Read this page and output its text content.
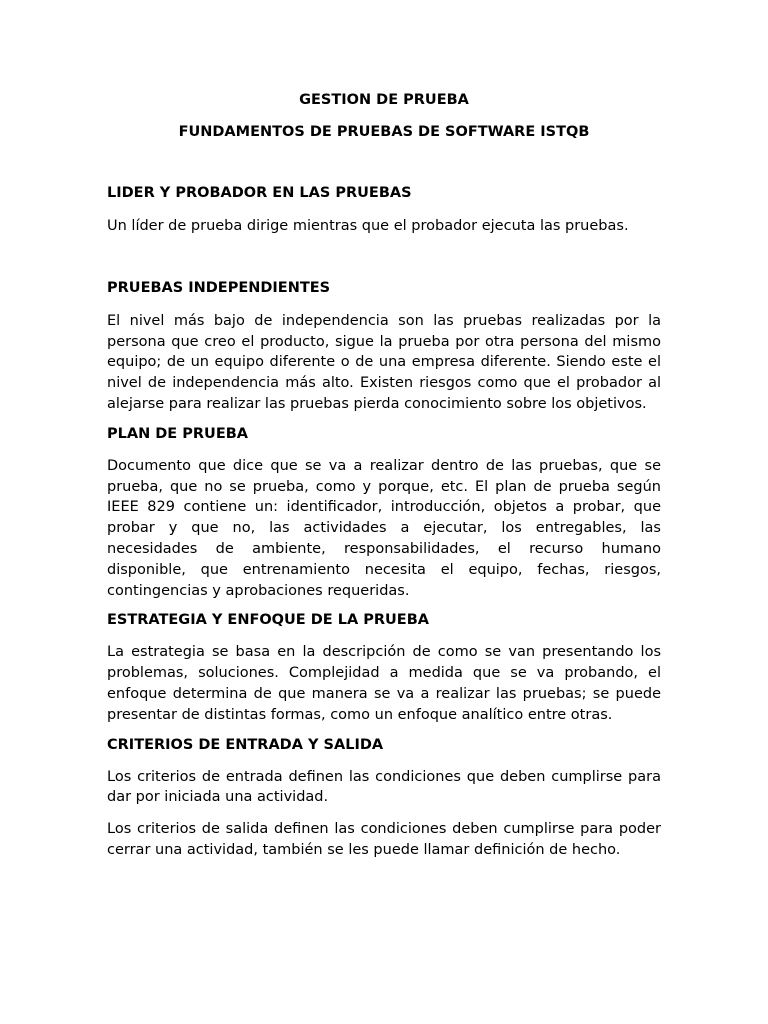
GESTION DE PRUEBA

FUNDAMENTOS DE PRUEBAS DE SOFTWARE ISTQB

LIDER Y PROBADOR EN LAS PRUEBAS

Un líder de prueba dirige mientras que el probador ejecuta las pruebas.

PRUEBAS INDEPENDIENTES

El nivel más bajo de independencia son las pruebas realizadas por la persona que creo el producto, sigue la prueba por otra persona del mismo equipo; de un equipo diferente o de una empresa diferente. Siendo este el nivel de independencia más alto. Existen riesgos como que el probador al alejarse para realizar las pruebas pierda conocimiento sobre los objetivos.

PLAN DE PRUEBA

Documento que dice que se va a realizar dentro de las pruebas, que se prueba, que no se prueba, como y porque, etc. El plan de prueba según IEEE 829 contiene un: identificador, introducción, objetos a probar, que probar y que no, las actividades a ejecutar, los entregables, las necesidades de ambiente, responsabilidades, el recurso humano disponible, que entrenamiento necesita el equipo, fechas, riesgos, contingencias y aprobaciones requeridas.

ESTRATEGIA Y ENFOQUE DE LA PRUEBA

La estrategia se basa en la descripción de como se van presentando los problemas, soluciones. Complejidad a medida que se va probando, el enfoque determina de que manera se va a realizar las pruebas; se puede presentar de distintas formas, como un enfoque analítico entre otras.

CRITERIOS DE ENTRADA Y SALIDA

Los criterios de entrada definen las condiciones que deben cumplirse para dar por iniciada una actividad.

Los criterios de salida definen las condiciones deben cumplirse para poder cerrar una actividad, también se les puede llamar definición de hecho.
